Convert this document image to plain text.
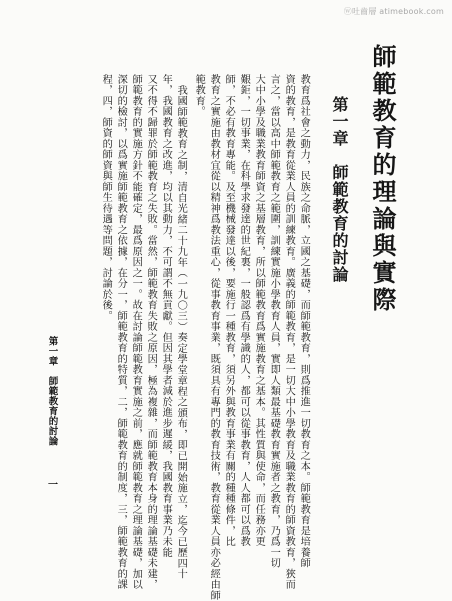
ⓦ吐齒層 atimebook.com
師範教育的理論與實際
第一章　師範教育的討論
教育爲社會之動力，民族之命脈，立國之基礎，而師範教育，則爲推進一切教育之本。師範教育是培養師
資的教育，是教育從業人員的訓練教育。廣義的師範教育，是一切大中小學教育及職業教育的師資教育，狹而
言之，當以高中師範教育之範圍，訓練實施小學教育人員，實即人類最基礎教育實施者之教育，乃爲一切
大中小學及職業教育師資之基層教育，所以師範教育爲實施教育之基本。其性質與使命，而任務亦更
艱鉅，一切事業，在科學求發達的世紀裏，一般認爲有學識的人，都可以從事教育，人人都可以爲教
師，不必有教育專能。及至機械發達以後，要施行一種教育，須另外與教育事業有關的種種條件，比
教育之實施由教材宜從以精神爲教法重心，從事教育事業，既須具有專門的教育技術，教育從業人員亦必經由師
範教育。
我國師範教育之制，清自光緒二十九年（一九〇三）奏定學堂章程之頒布，即已開始施立，迄今已歷四十
年，我國教育之改進，均以其動力，不可謂不無貢獻。但因其學者減於進步遲緩，我國教育事業乃未能
又不得不歸罪於師範教育之失敗。當然，師範教育失敗之原因，極為複雜，而師範教育本身的理論基礎未建，
師範教育的實施方針不能確定，最爲原因之一。故在討論師範教育實施之前，應就師範教育之理論基礎，加以
深切的檢討，以爲實施師範教育之依據，在分一，師範教育的特質，二，師範教育的制度，三，師範教育的課
程，四，師資的師資與師生待遇等問題，討論於後。
第一章　師範教育的討論
一
